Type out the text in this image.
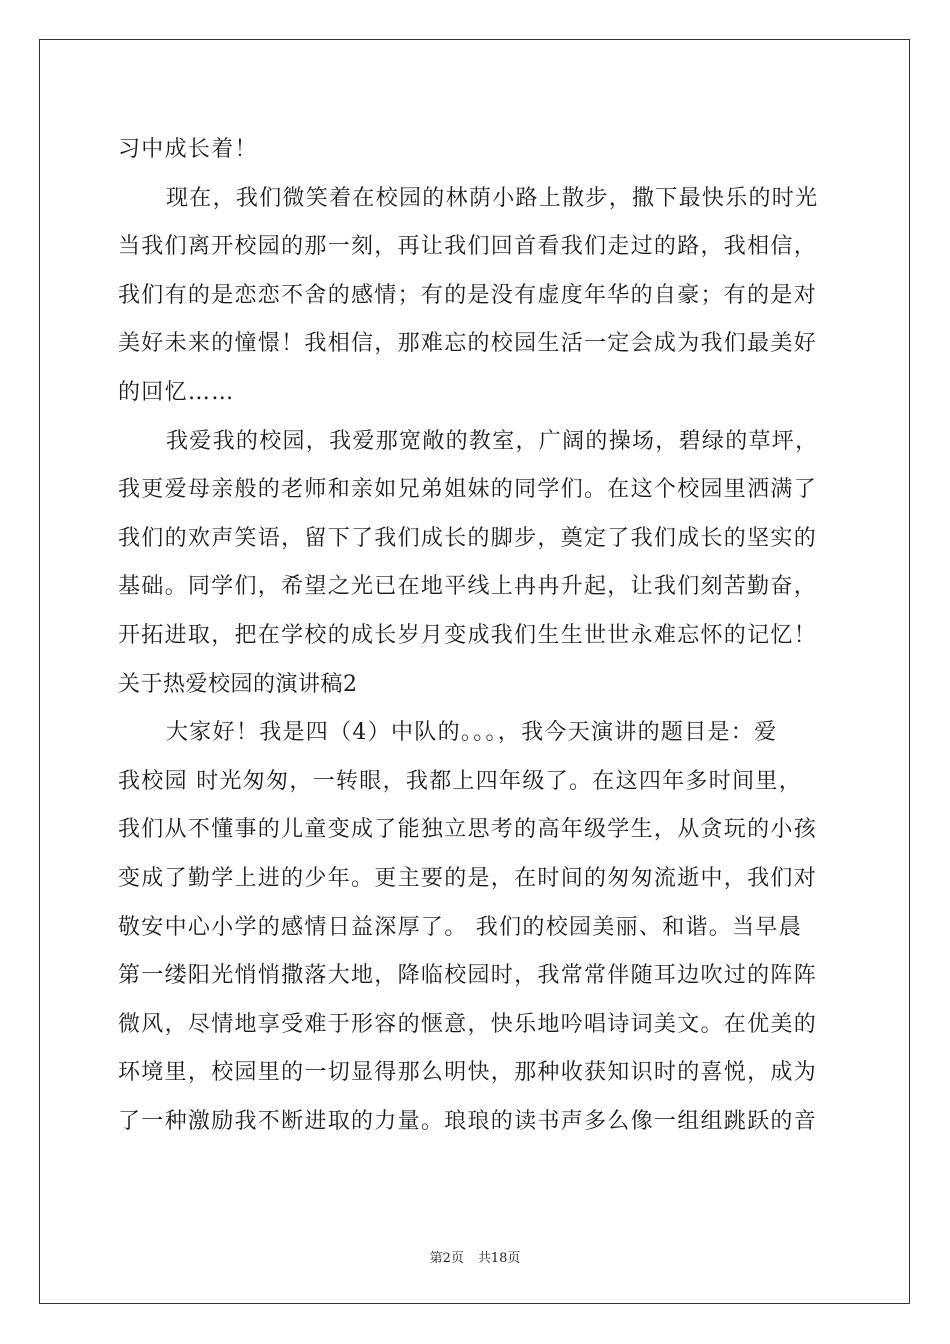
习中成长着！
现在，我们微笑着在校园的林荫小路上散步，撒下最快乐的时光
当我们离开校园的那一刻，再让我们回首看我们走过的路，我相信，
我们有的是恋恋不舍的感情；有的是没有虚度年华的自豪；有的是对
美好未来的憧憬！我相信，那难忘的校园生活一定会成为我们最美好
的回忆……
我爱我的校园，我爱那宽敞的教室，广阔的操场，碧绿的草坪，
我更爱母亲般的老师和亲如兄弟姐妹的同学们。在这个校园里洒满了
我们的欢声笑语，留下了我们成长的脚步，奠定了我们成长的坚实的
基础。同学们，希望之光已在地平线上冉冉升起，让我们刻苦勤奋，
开拓进取，把在学校的成长岁月变成我们生生世世永难忘怀的记忆！
关于热爱校园的演讲稿2
大家好！我是四（4）中队的。。。，我今天演讲的题目是：爱
我校园 时光匆匆，一转眼，我都上四年级了。在这四年多时间里，
我们从不懂事的儿童变成了能独立思考的高年级学生，从贪玩的小孩
变成了勤学上进的少年。更主要的是，在时间的匆匆流逝中，我们对
敬安中心小学的感情日益深厚了。 我们的校园美丽、和谐。当早晨
第一缕阳光悄悄撒落大地，降临校园时，我常常伴随耳边吹过的阵阵
微风，尽情地享受难于形容的惬意，快乐地吟唱诗词美文。在优美的
环境里，校园里的一切显得那么明快，那种收获知识时的喜悦，成为
了一种激励我不断进取的力量。琅琅的读书声多么像一组组跳跃的音
第2页 共18页
